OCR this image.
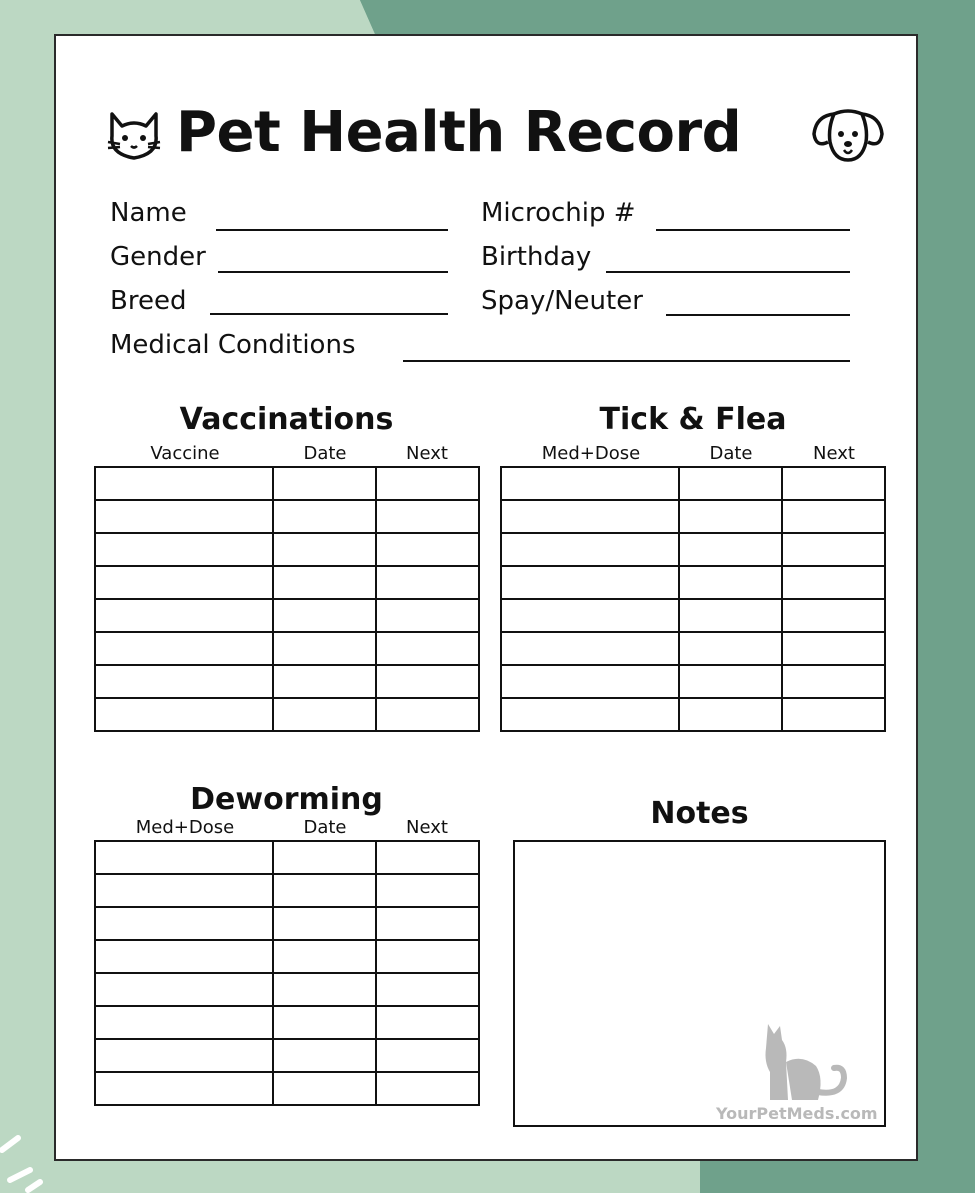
Pet Health Record
Name
Gender
Breed
Microchip #
Birthday
Spay/Neuter
Medical Conditions
Vaccinations
Vaccine	Date	Next

Tick & Flea
Med+Dose	Date	Next

Deworming
Med+Dose	Date	Next

			Notes
YourPetMeds.com
